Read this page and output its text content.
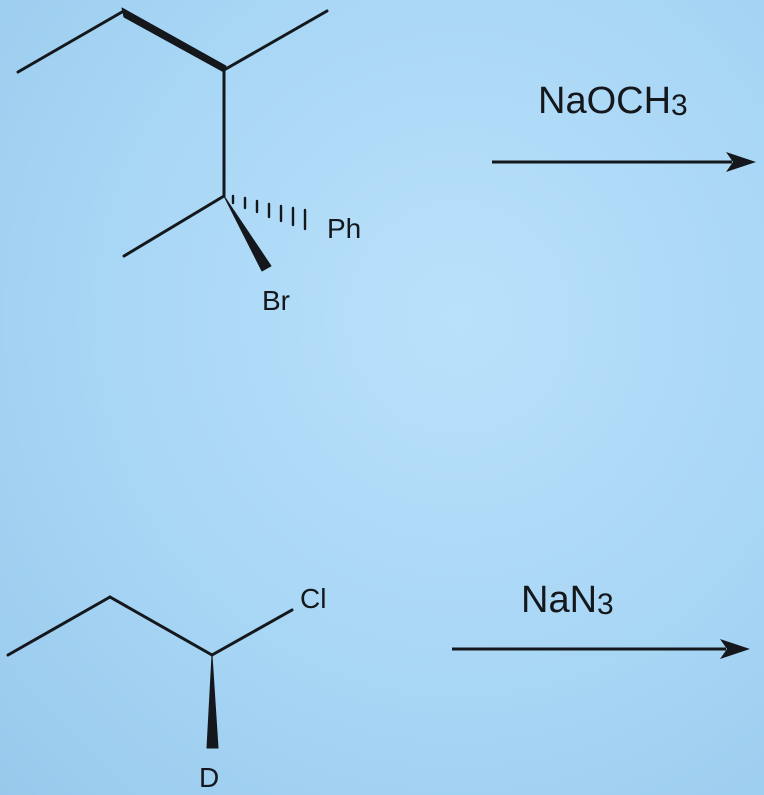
Ph
Br
NaOCH3
Cl
D
NaN3
